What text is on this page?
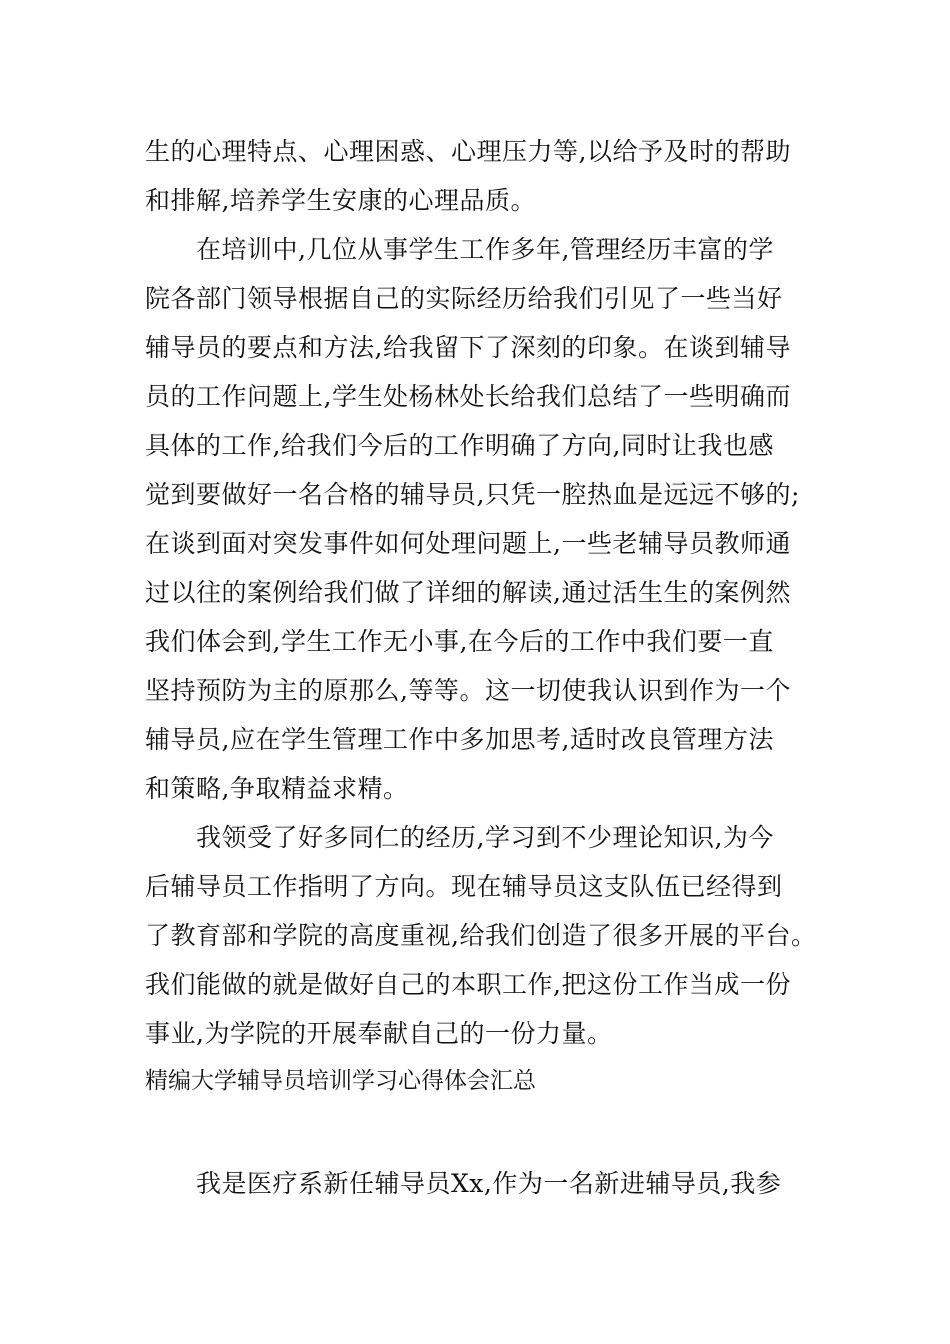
生的心理特点、心理困惑、心理压力等,以给予及时的帮助
和排解,培养学生安康的心理品质。
在培训中,几位从事学生工作多年,管理经历丰富的学
院各部门领导根据自己的实际经历给我们引见了一些当好
辅导员的要点和方法,给我留下了深刻的印象。在谈到辅导
员的工作问题上,学生处杨林处长给我们总结了一些明确而
具体的工作,给我们今后的工作明确了方向,同时让我也感
觉到要做好一名合格的辅导员,只凭一腔热血是远远不够的;
在谈到面对突发事件如何处理问题上,一些老辅导员教师通
过以往的案例给我们做了详细的解读,通过活生生的案例然
我们体会到,学生工作无小事,在今后的工作中我们要一直
坚持预防为主的原那么,等等。这一切使我认识到作为一个
辅导员,应在学生管理工作中多加思考,适时改良管理方法
和策略,争取精益求精。
我领受了好多同仁的经历,学习到不少理论知识,为今
后辅导员工作指明了方向。现在辅导员这支队伍已经得到
了教育部和学院的高度重视,给我们创造了很多开展的平台。
我们能做的就是做好自己的本职工作,把这份工作当成一份
事业,为学院的开展奉献自己的一份力量。
精编大学辅导员培训学习心得体会汇总
我是医疗系新任辅导员Xx,作为一名新进辅导员,我参
